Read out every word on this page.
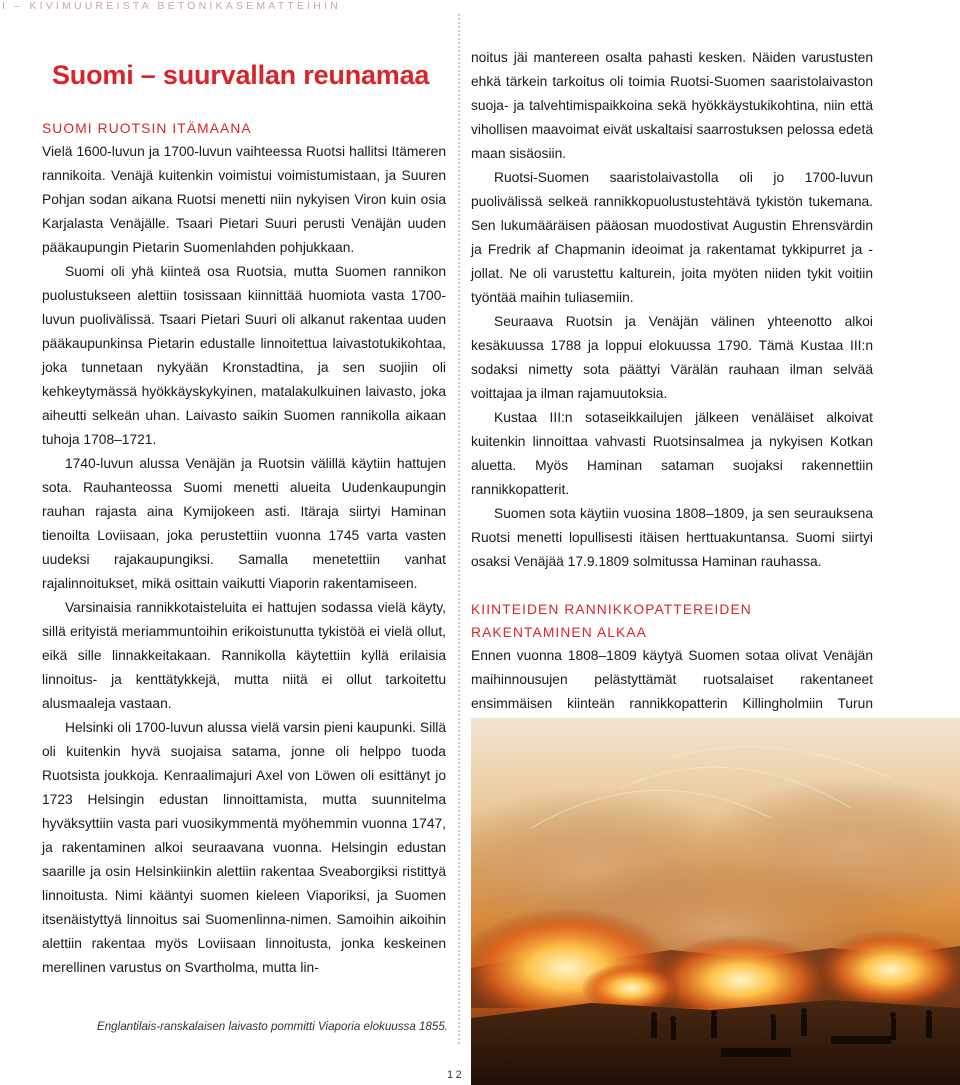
I – KIVIMUUREISTA BETONIKASEMATTEIHIN
Suomi – suurvallan reunamaa
SUOMI RUOTSIN ITÄMAANA

Vielä 1600-luvun ja 1700-luvun vaihteessa Ruotsi hallitsi Itämeren rannikoita. Venäjä kuitenkin voimistui voimistumistaan, ja Suuren Pohjan sodan aikana Ruotsi menetti niin nykyisen Viron kuin osia Karjalasta Venäjälle. Tsaari Pietari Suuri perusti Venäjän uuden pääkaupungin Pietarin Suomenlahden pohjukkaan.

Suomi oli yhä kiinteä osa Ruotsia, mutta Suomen rannikon puolustukseen alettiin tosissaan kiinnittää huomiota vasta 1700-luvun puolivälissä. Tsaari Pietari Suuri oli alkanut rakentaa uuden pääkaupunkinsa Pietarin edustalle linnoitettua laivastotukikohtaa, joka tunnetaan nykyään Kronstadtina, ja sen suojiin oli kehkeytymässä hyökkäyskykyinen, matalakulkuinen laivasto, joka aiheutti selkeän uhan. Laivasto saikin Suomen rannikolla aikaan tuhoja 1708–1721.

1740-luvun alussa Venäjän ja Ruotsin välillä käytiin hattujen sota. Rauhanteossa Suomi menetti alueita Uudenkaupungin rauhan rajasta aina Kymijokeen asti. Itäraja siirtyi Haminan tienoilta Loviisaan, joka perustettiin vuonna 1745 varta vasten uudeksi rajakaupungiksi. Samalla menetettiin vanhat rajalinnoitukset, mikä osittain vaikutti Viaporin rakentamiseen.

Varsinaisia rannikkotaisteluita ei hattujen sodassa vielä käyty, sillä erityistä meriammuntoihin erikoistunutta tykistöä ei vielä ollut, eikä sille linnakkeitakaan. Rannikolla käytettiin kyllä erilaisia linnoitus- ja kenttätykkejä, mutta niitä ei ollut tarkoitettu alusmaaleja vastaan.

Helsinki oli 1700-luvun alussa vielä varsin pieni kaupunki. Sillä oli kuitenkin hyvä suojaisa satama, jonne oli helppo tuoda Ruotsista joukkoja. Kenraalimajuri Axel von Löwen oli esittänyt jo 1723 Helsingin edustan linnoittamista, mutta suunnitelma hyväksyttiin vasta pari vuosikymmentä myöhemmin vuonna 1747, ja rakentaminen alkoi seuraavana vuonna. Helsingin edustan saarille ja osin Helsinkiinkin alettiin rakentaa Sveaborgiksi ristittyä linnoitusta. Nimi kääntyi suomen kieleen Viaporiksi, ja Suomen itsenäistyttyä linnoitus sai Suomenlinna-nimen. Samoihin aikoihin alettiin rakentaa myös Loviisaan linnoitusta, jonka keskeinen merellinen varustus on Svartholma, mutta lin-

noitus jäi mantereen osalta pahasti kesken. Näiden varustusten ehkä tärkein tarkoitus oli toimia Ruotsi-Suomen saaristolaivaston suoja- ja talvehtimispaikkoina sekä hyökkäystukikohtina, niin että vihollisen maavoimat eivät uskaltaisi saarrostuksen pelossa edetä maan sisäosiin.

Ruotsi-Suomen saaristolaivastolla oli jo 1700-luvun puolivälissä selkeä rannikkopuolustustehtävä tykistön tukemana. Sen lukumääräisen pääosan muodostivat Augustin Ehrensvärdin ja Fredrik af Chapmanin ideoimat ja rakentamat tykkipurret ja -jollat. Ne oli varustettu kalturein, joita myöten niiden tykit voitiin työntää maihin tuliasemiin.

Seuraava Ruotsin ja Venäjän välinen yhteenotto alkoi kesäkuussa 1788 ja loppui elokuussa 1790. Tämä Kustaa III:n sodaksi nimetty sota päättyi Värälän rauhaan ilman selvää voittajaa ja ilman rajamuutoksia.

Kustaa III:n sotaseikkailujen jälkeen venäläiset alkoivat kuitenkin linnoittaa vahvasti Ruotsinsalmea ja nykyisen Kotkan aluetta. Myös Haminan sataman suojaksi rakennettiin rannikkopatterit.

Suomen sota käytiin vuosina 1808–1809, ja sen seurauksena Ruotsi menetti lopullisesti itäisen herttuakuntansa. Suomi siirtyi osaksi Venäjää 17.9.1809 solmitussa Haminan rauhassa.

KIINTEIDEN RANNIKKOPATTEREIDEN
RAKENTAMINEN ALKAA

Ennen vuonna 1808–1809 käytyä Suomen sotaa olivat Venäjän maihinnousujen pelästyttämät ruotsalaiset rakentaneet ensimmäisen kiinteän rannikkopatterin Killingholmiin Turun

Englantilais-ranskalaisen laivasto pommitti Viaporia elokuussa 1855.
12
